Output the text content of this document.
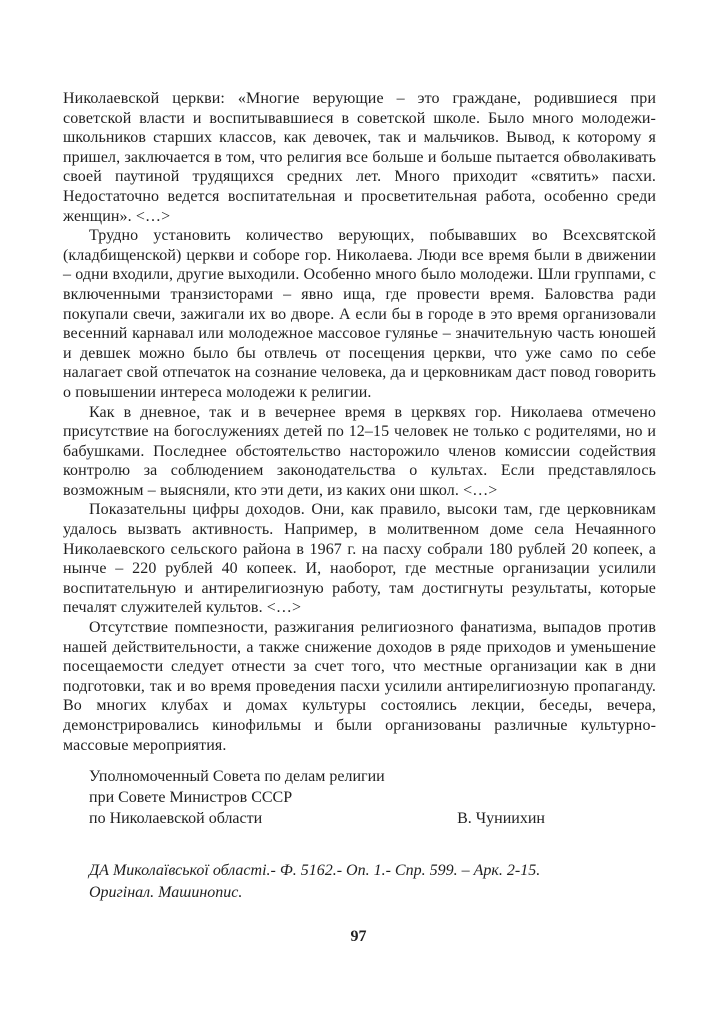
Николаевской церкви: «Многие верующие – это граждане, родившиеся при советской власти и воспитывавшиеся в советской школе. Было много молодежи-школьников старших классов, как девочек, так и мальчиков. Вывод, к которому я пришел, заключается в том, что религия все больше и больше пытается обволакивать своей паутиной трудящихся средних лет. Много приходит «святить» пасхи. Недостаточно ведется воспитательная и просветительная работа, особенно среди женщин». <…>

Трудно установить количество верующих, побывавших во Всехсвятской (кладбищенской) церкви и соборе гор. Николаева. Люди все время были в движении – одни входили, другие выходили. Особенно много было молодежи. Шли группами, с включенными транзисторами – явно ища, где провести время. Баловства ради покупали свечи, зажигали их во дворе. А если бы в городе в это время организовали весенний карнавал или молодежное массовое гулянье – значительную часть юношей и девшек можно было бы отвлечь от посещения церкви, что уже само по себе налагает свой отпечаток на сознание человека, да и церковникам даст повод говорить о повышении интереса молодежи к религии.

Как в дневное, так и в вечернее время в церквях гор. Николаева отмечено присутствие на богослужениях детей по 12–15 человек не только с родителями, но и бабушками. Последнее обстоятельство насторожило членов комиссии содействия контролю за соблюдением законодательства о культах. Если представлялось возможным – выясняли, кто эти дети, из каких они школ. <…>

Показательны цифры доходов. Они, как правило, высоки там, где церковникам удалось вызвать активность. Например, в молитвенном доме села Нечаянного Николаевского сельского района в 1967 г. на пасху собрали 180 рублей 20 копеек, а нынче – 220 рублей 40 копеек. И, наоборот, где местные организации усилили воспитательную и антирелигиозную работу, там достигнуты результаты, которые печалят служителей культов. <…>

Отсутствие помпезности, разжигания религиозного фанатизма, выпадов против нашей действительности, а также снижение доходов в ряде приходов и уменьшение посещаемости следует отнести за счет того, что местные организации как в дни подготовки, так и во время проведения пасхи усилили антирелигиозную пропаганду. Во многих клубах и домах культуры состоялись лекции, беседы, вечера, демонстрировались кинофильмы и были организованы различные культурно-массовые мероприятия.

Уполномоченный Совета по делам религии
при Совете Министров СССР
по Николаевской области	В. Чуниихин
ДА Миколаївської області.- Ф. 5162.- Оп. 1.- Спр. 599. – Арк. 2-15.
Оригінал. Машинопис.
97
